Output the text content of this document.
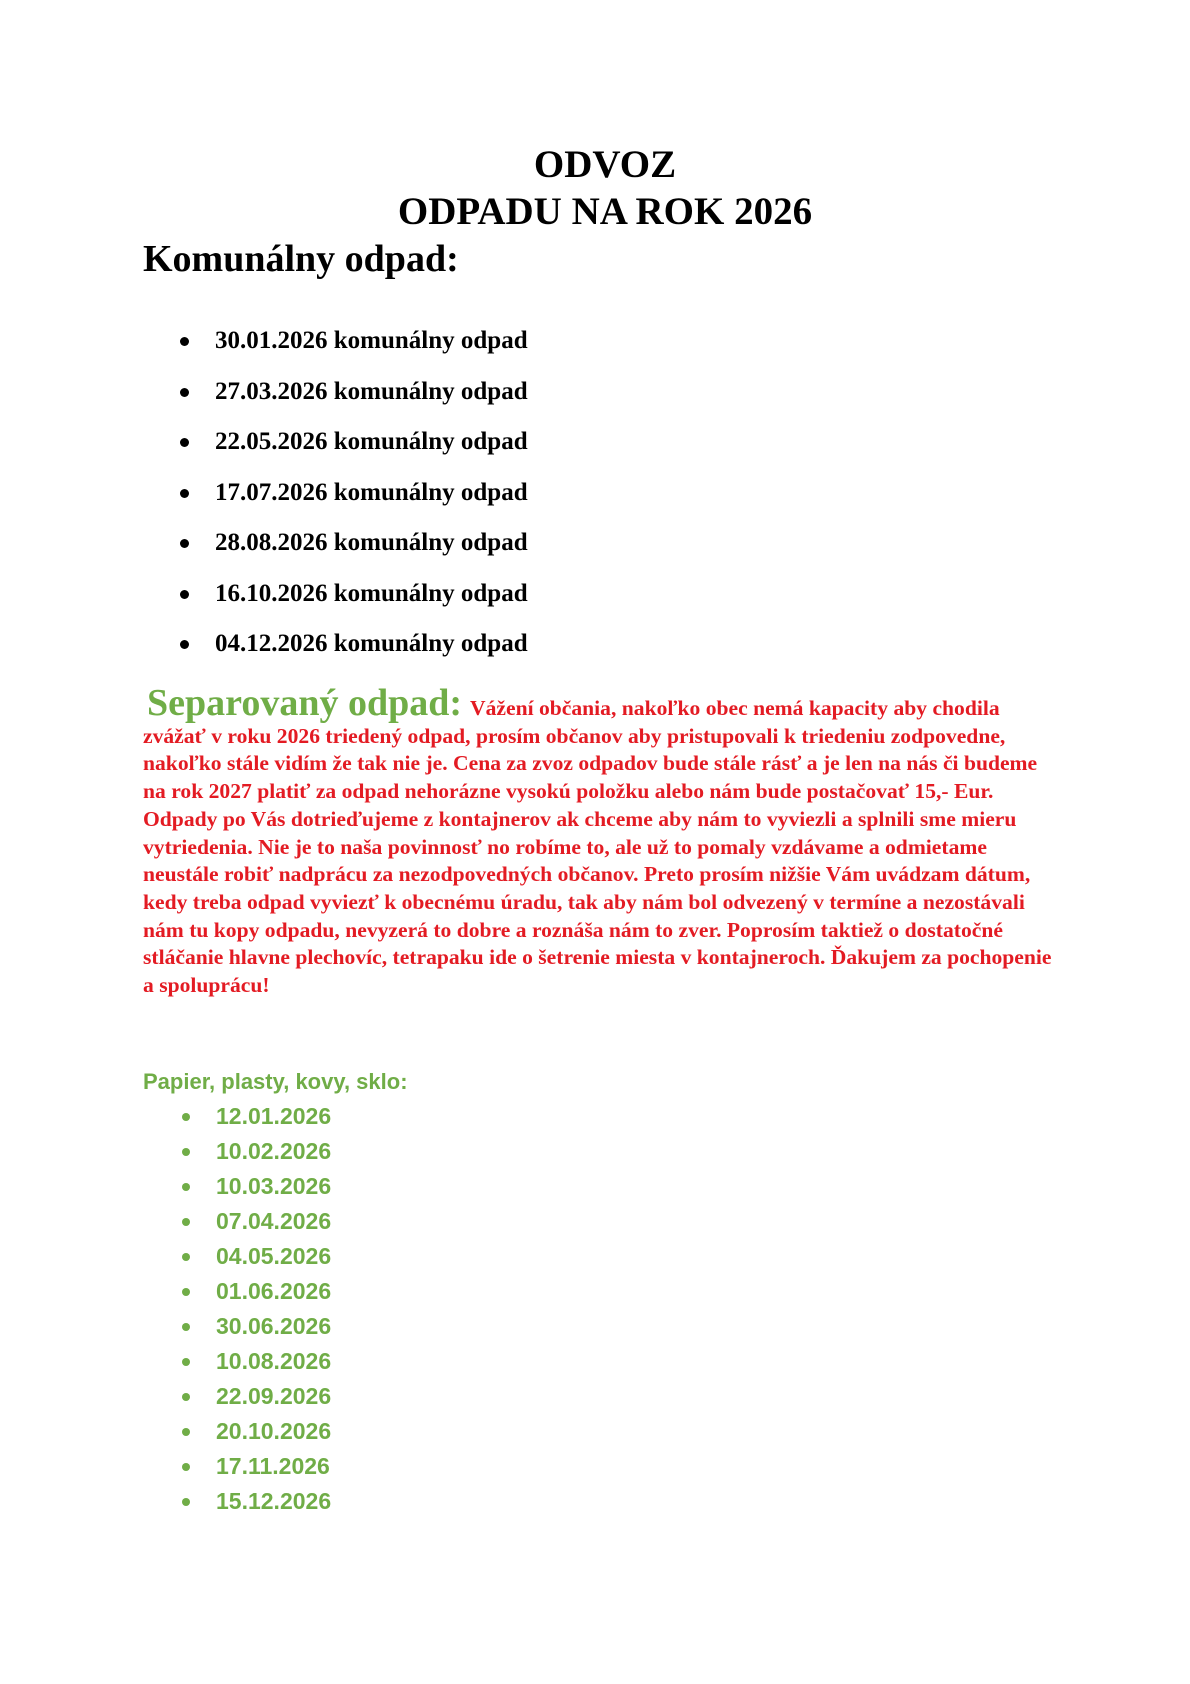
ODVOZ
ODPADU NA ROK 2026
Komunálny odpad:
30.01.2026 komunálny odpad
27.03.2026 komunálny odpad
22.05.2026 komunálny odpad
17.07.2026 komunálny odpad
28.08.2026 komunálny odpad
16.10.2026 komunálny odpad
04.12.2026 komunálny odpad

Separovaný odpad: Vážení občania, nakoľko obec nemá kapacity aby chodila zvážať v roku 2026 triedený odpad, prosím občanov aby pristupovali k triedeniu zodpovedne, nakoľko stále vidím že tak nie je. Cena za zvoz odpadov bude stále rásť a je len na nás či budeme na rok 2027 platiť za odpad nehorázne vysokú položku alebo nám bude postačovať 15,- Eur. Odpady po Vás dotrieďujeme z kontajnerov ak chceme aby nám to vyviezli a splnili sme mieru vytriedenia. Nie je to naša povinnosť no robíme to, ale už to pomaly vzdávame a odmietame neustále robiť nadprácu za nezodpovedných občanov. Preto prosím nižšie Vám uvádzam dátum, kedy treba odpad vyviezť k obecnému úradu, tak aby nám bol odvezený v termíne a nezostávali nám tu kopy odpadu, nevyzerá to dobre a roznáša nám to zver. Poprosím taktiež o dostatočné stláčanie hlavne plechovíc, tetrapaku ide o šetrenie miesta v kontajneroch. Ďakujem za pochopenie a spoluprácu!

Papier, plasty, kovy, sklo:

12.01.2026
10.02.2026
10.03.2026
07.04.2026
04.05.2026
01.06.2026
30.06.2026
10.08.2026
22.09.2026
20.10.2026
17.11.2026
15.12.2026
